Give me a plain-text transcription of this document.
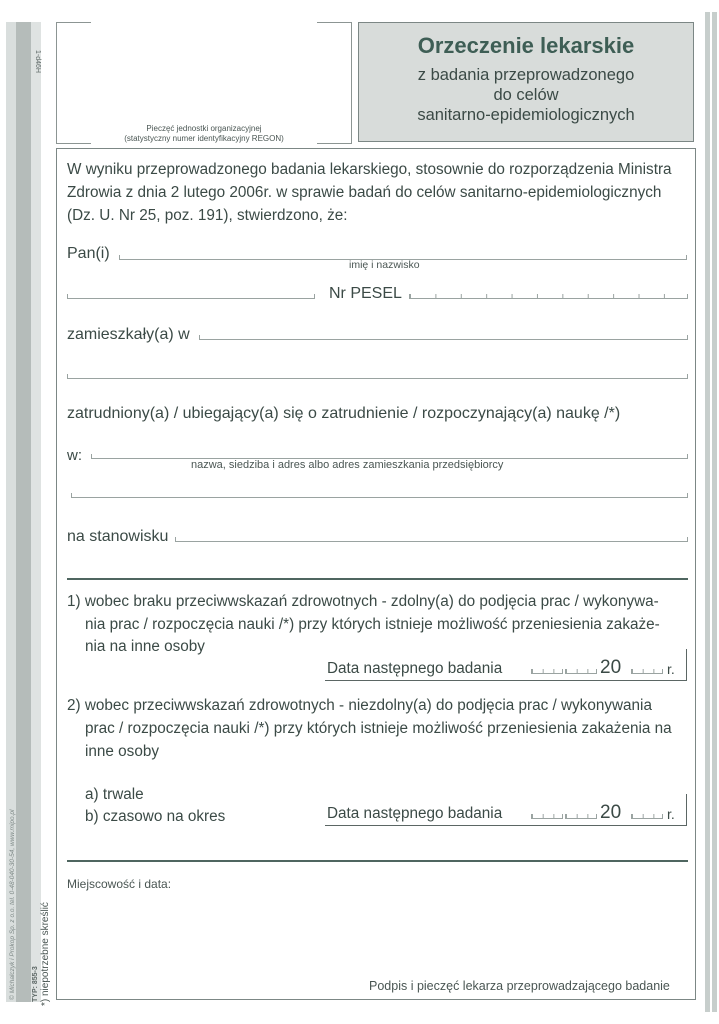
1-d46H
© Michalczyk i Prokop Sp. z o.o. tel. 0-48-040-30-54, www.mipo.pl TYP: 855-3 *) niepotrzebne skreślić
Pieczęć jednostki organizacyjnej
(statystyczny numer identyfikacyjny REGON)
Orzeczenie lekarskie
z badania przeprowadzonego
do celów
sanitarno-epidemiologicznych
W wyniku przeprowadzonego badania lekarskiego, stosownie do rozporządzenia Ministra
Zdrowia z dnia 2 lutego 2006r. w sprawie badań do celów sanitarno-epidemiologicznych
(Dz. U. Nr 25, poz. 191), stwierdzono, że:
Pan(i)
imię i nazwisko
Nr PESEL
zamieszkały(a) w
zatrudniony(a) / ubiegający(a) się o zatrudnienie / rozpoczynający(a) naukę /*)
w:
nazwa, siedziba i adres albo adres zamieszkania przedsiębiorcy
na stanowisku
1) wobec braku przeciwwskazań zdrowotnych - zdolny(a) do podjęcia prac / wykonywa-
nia prac / rozpoczęcia nauki /*) przy których istnieje możliwość przeniesienia zakaże-
nia na inne osoby
Data następnego badania	20	r.
2) wobec przeciwwskazań zdrowotnych - niezdolny(a) do podjęcia prac / wykonywania
prac / rozpoczęcia nauki /*) przy których istnieje możliwość przeniesienia zakażenia na
inne osoby
a) trwale
b) czasowo na okres	Data następnego badania	20	r.
Miejscowość i data:
Podpis i pieczęć lekarza przeprowadzającego badanie
